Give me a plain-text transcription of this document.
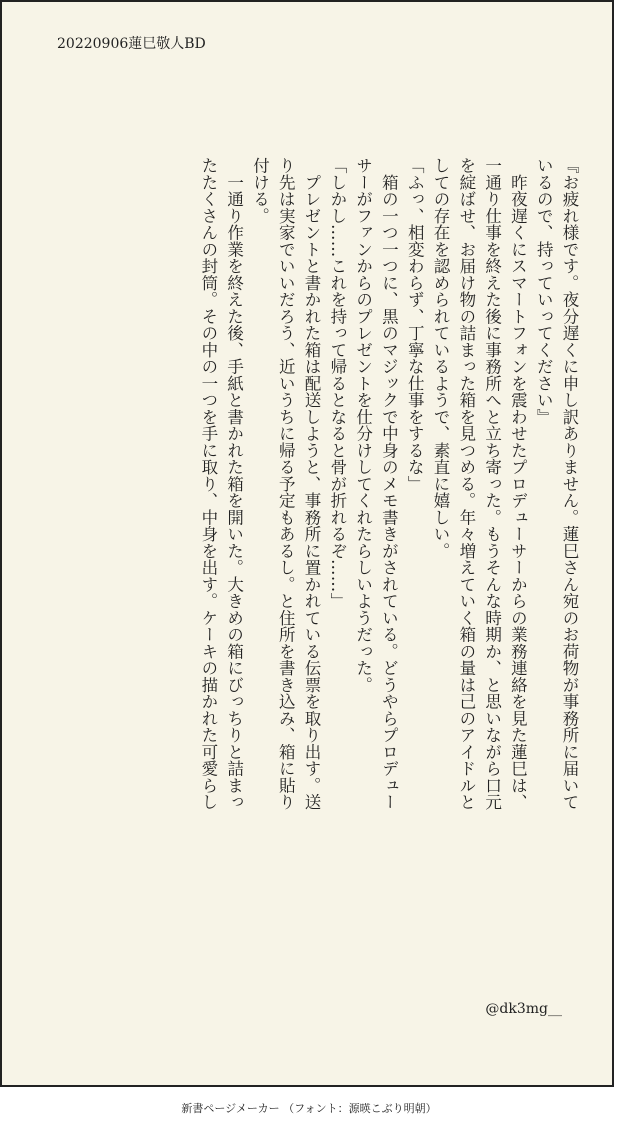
20220906蓮巳敬人BD

『お疲れ様です。夜分遅くに申し訳ありません。蓮巳さん宛のお荷物が事務所に届いて

いるので、持っていってください』

　昨夜遅くにスマートフォンを震わせたプロデューサーからの業務連絡を見た蓮巳は、

一通り仕事を終えた後に事務所へと立ち寄った。もうそんな時期か、と思いながら口元

を綻ばせ、お届け物の詰まった箱を見つめる。年々増えていく箱の量は己のアイドルと

しての存在を認められているようで、素直に嬉しい。

「ふっ、相変わらず、丁寧な仕事をするな」

　箱の一つ一つに、黒のマジックで中身のメモ書きがされている。どうやらプロデュー

サーがファンからのプレゼントを仕分けしてくれたらしいようだった。

「しかし……これを持って帰るとなると骨が折れるぞ……」

　プレゼントと書かれた箱は配送しようと、事務所に置かれている伝票を取り出す。送

り先は実家でいいだろう、近いうちに帰る予定もあるし。と住所を書き込み、箱に貼り

付ける。

　一通り作業を終えた後、手紙と書かれた箱を開いた。大きめの箱にびっちりと詰まっ

たたくさんの封筒。その中の一つを手に取り、中身を出す。ケーキの描かれた可愛らし

@dk3mg__
新書ページメーカー （フォント：源暎こぶり明朝）
